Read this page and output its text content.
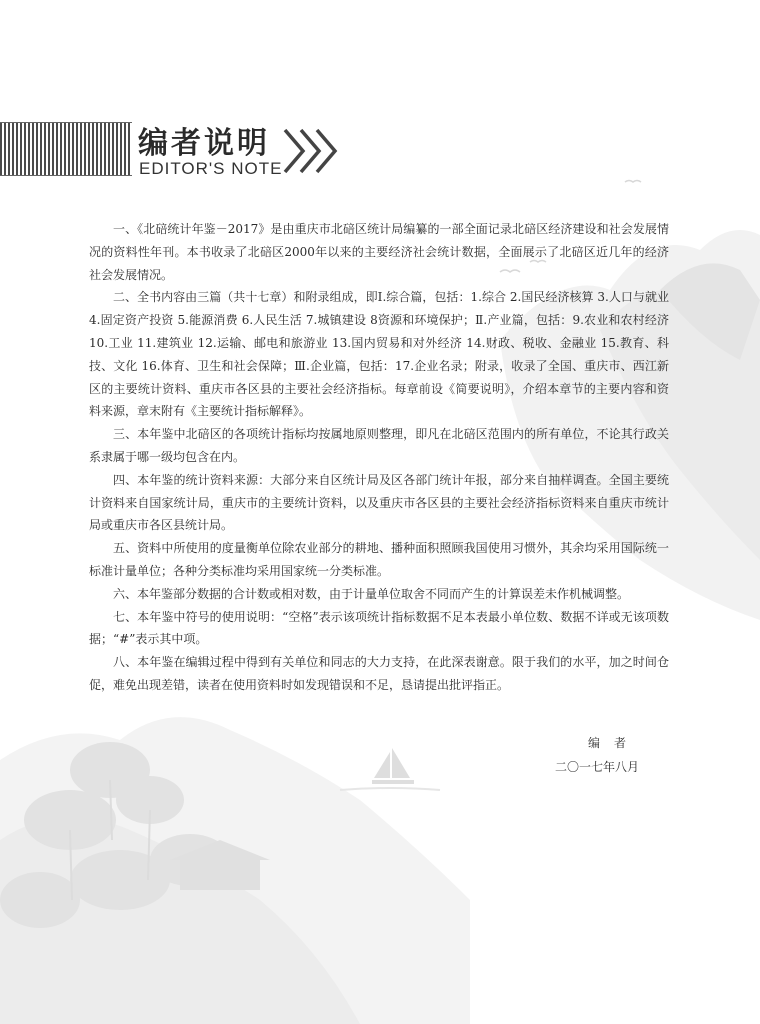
编者说明
EDITOR'S NOTE

一、《北碚统计年鉴－2017》是由重庆市北碚区统计局编纂的一部全面记录北碚区经济建设和社会发展情况的资料性年刊。本书收录了北碚区2000年以来的主要经济社会统计数据，全面展示了北碚区近几年的经济社会发展情况。

二、全书内容由三篇（共十七章）和附录组成，即Ⅰ.综合篇，包括：1.综合 2.国民经济核算 3.人口与就业 4.固定资产投资 5.能源消费 6.人民生活 7.城镇建设 8资源和环境保护；Ⅱ.产业篇，包括：9.农业和农村经济 10.工业 11.建筑业 12.运输、邮电和旅游业 13.国内贸易和对外经济 14.财政、税收、金融业 15.教育、科技、文化 16.体育、卫生和社会保障；Ⅲ.企业篇，包括：17.企业名录；附录，收录了全国、重庆市、西江新区的主要统计资料、重庆市各区县的主要社会经济指标。每章前设《简要说明》，介绍本章节的主要内容和资料来源，章末附有《主要统计指标解释》。

三、本年鉴中北碚区的各项统计指标均按属地原则整理，即凡在北碚区范围内的所有单位，不论其行政关系隶属于哪一级均包含在内。

四、本年鉴的统计资料来源：大部分来自区统计局及区各部门统计年报，部分来自抽样调查。全国主要统计资料来自国家统计局，重庆市的主要统计资料，以及重庆市各区县的主要社会经济指标资料来自重庆市统计局或重庆市各区县统计局。

五、资料中所使用的度量衡单位除农业部分的耕地、播种面积照顾我国使用习惯外，其余均采用国际统一标准计量单位；各种分类标准均采用国家统一分类标准。

六、本年鉴部分数据的合计数或相对数，由于计量单位取舍不同而产生的计算误差未作机械调整。

七、本年鉴中符号的使用说明：“空格”表示该项统计指标数据不足本表最小单位数、数据不详或无该项数据；“#”表示其中项。

八、本年鉴在编辑过程中得到有关单位和同志的大力支持，在此深表谢意。限于我们的水平，加之时间仓促，难免出现差错，读者在使用资料时如发现错误和不足，恳请提出批评指正。

编者
二〇一七年八月
